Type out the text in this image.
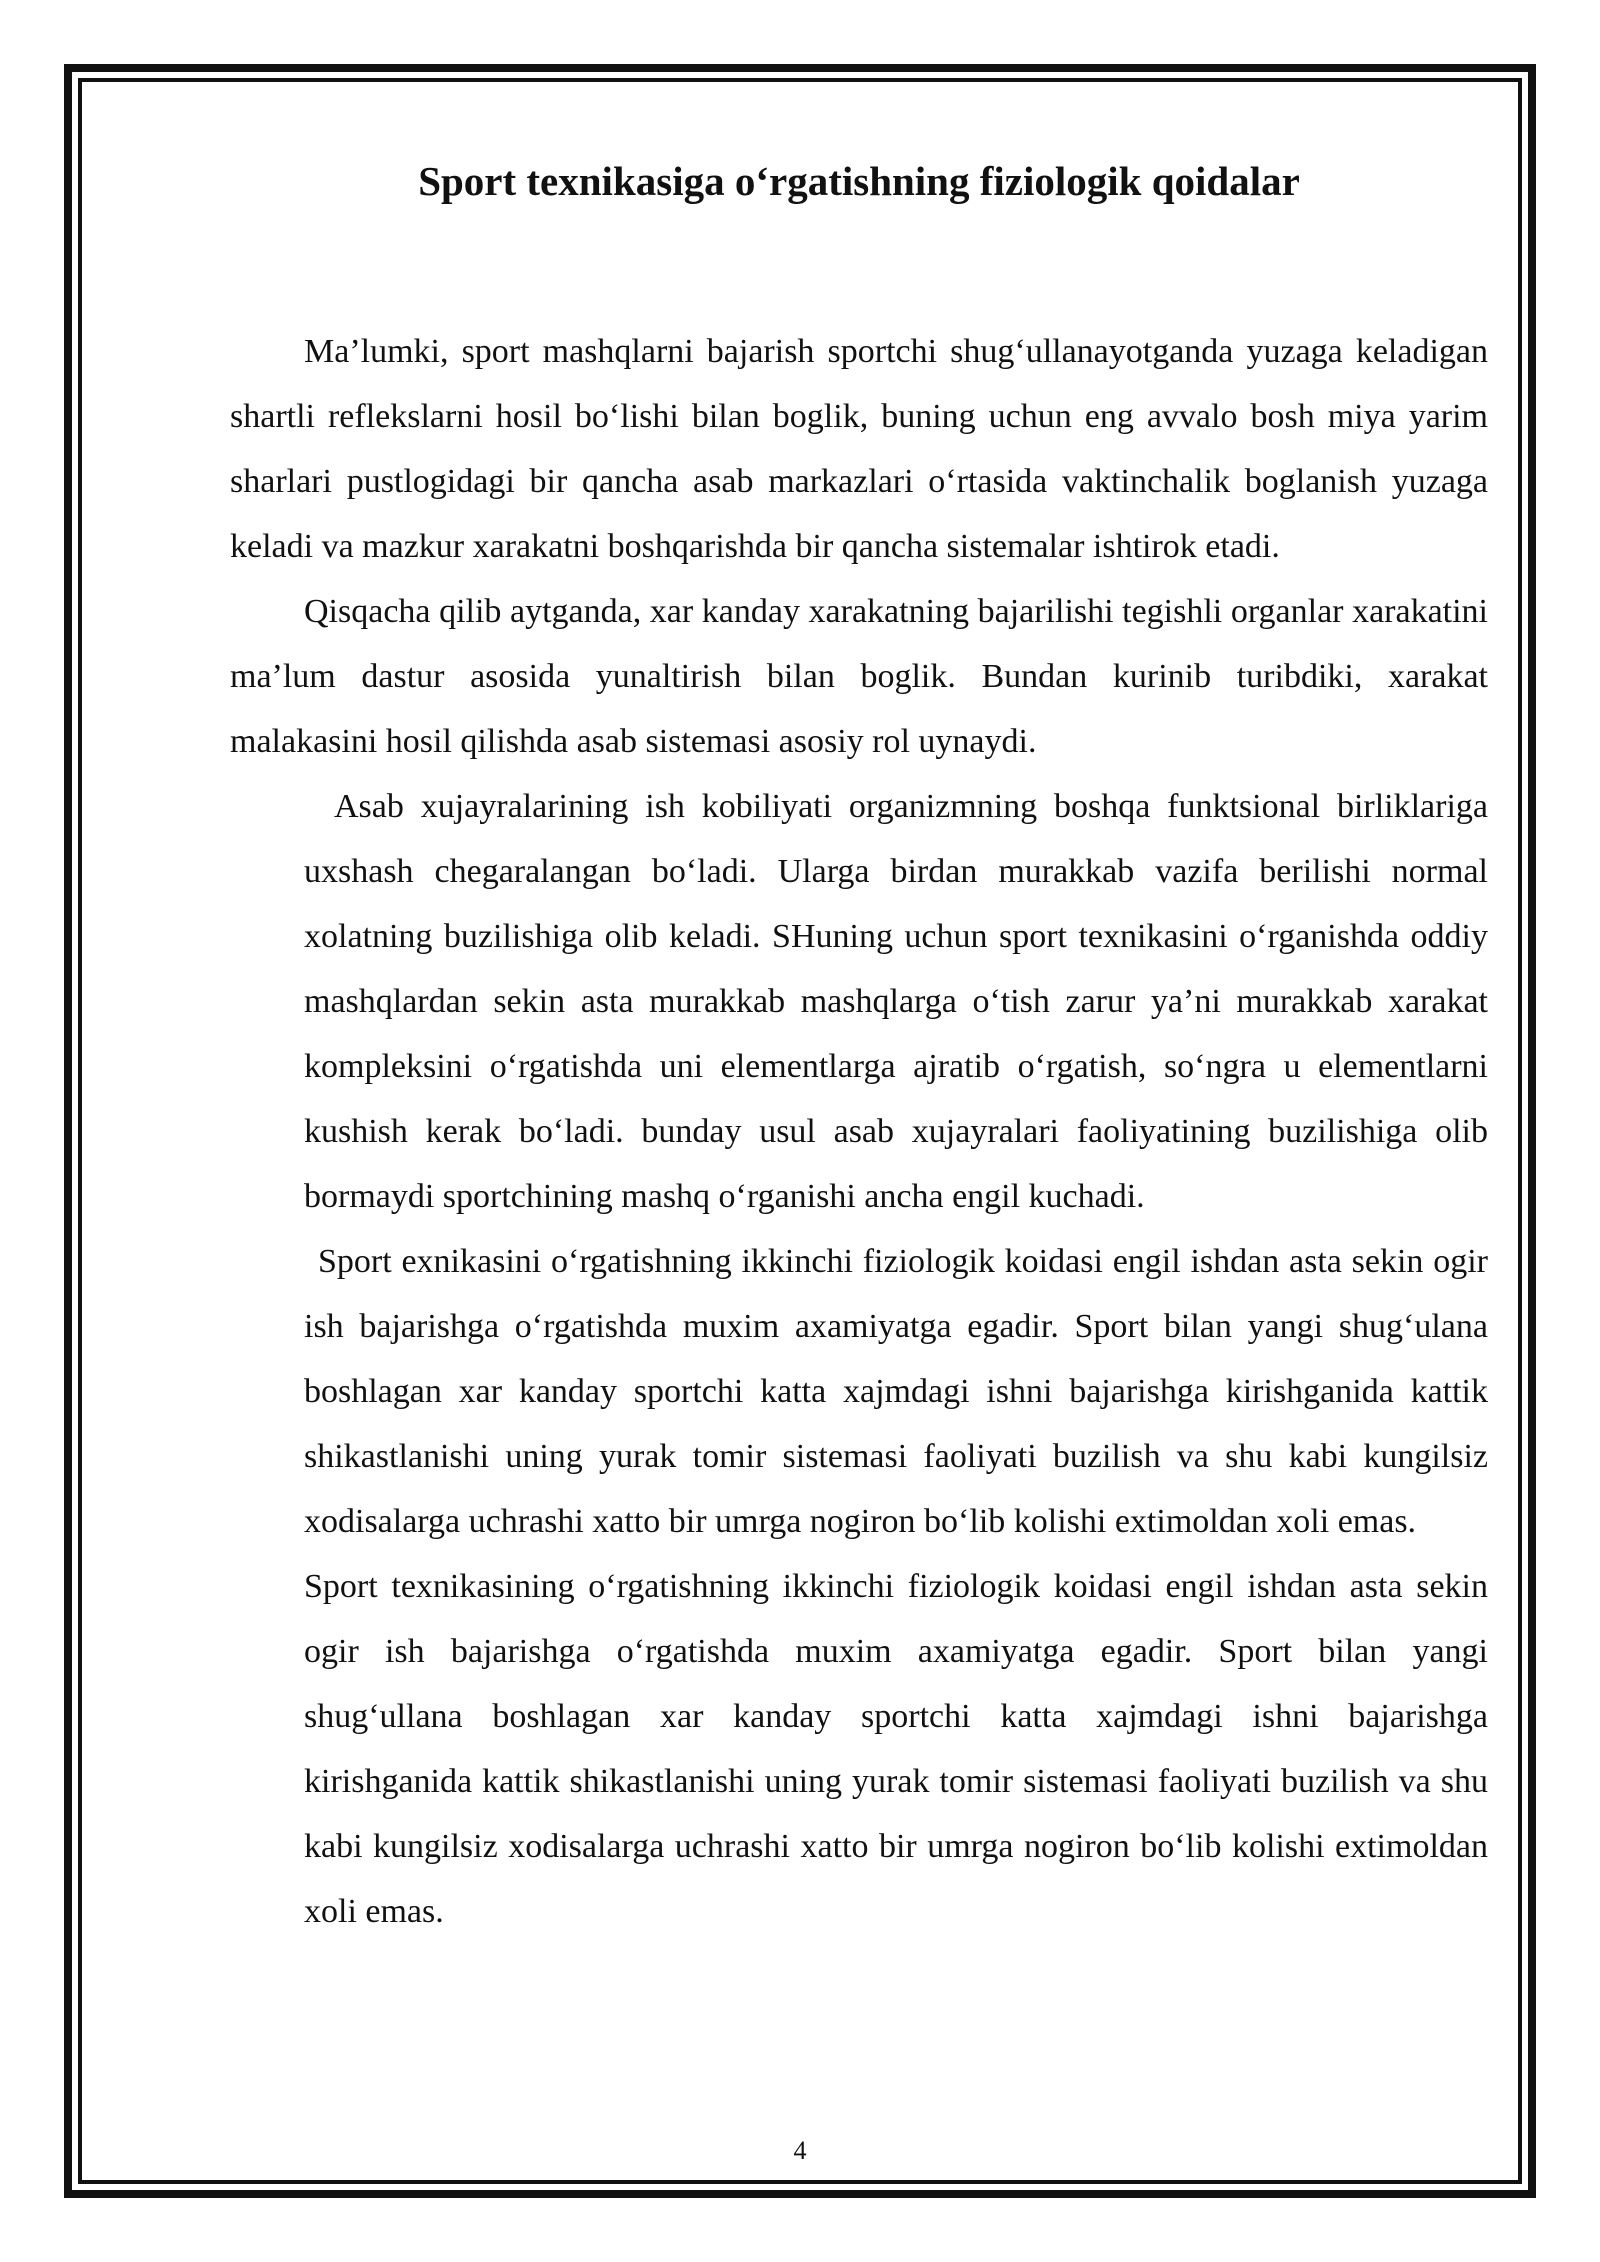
Sport texnikasiga o‘rgatishning fiziologik qoidalar

Ma’lumki, sport mashqlarni bajarish sportchi shug‘ullanayotganda yuzaga keladigan shartli reflekslarni hosil bo‘lishi bilan boglik, buning uchun eng avvalo bosh miya yarim sharlari pustlogidagi bir qancha asab markazlari o‘rtasida vaktinchalik boglanish yuzaga keladi va mazkur xarakatni boshqarishda bir qancha sistemalar ishtirok etadi.

Qisqacha qilib aytganda, xar kanday xarakatning bajarilishi tegishli organlar xarakatini ma’lum dastur asosida yunaltirish bilan boglik. Bundan kurinib turibdiki, xarakat malakasini hosil qilishda asab sistemasi asosiy rol uynaydi.

Asab xujayralarining ish kobiliyati organizmning boshqa funktsional birliklariga uxshash chegaralangan bo‘ladi. Ularga birdan murakkab vazifa berilishi normal xolatning buzilishiga olib keladi. SHuning uchun sport texnikasini o‘rganishda oddiy mashqlardan sekin asta murakkab mashqlarga o‘tish zarur ya’ni murakkab xarakat kompleksini o‘rgatishda uni elementlarga ajratib o‘rgatish, so‘ngra u elementlarni kushish kerak bo‘ladi. bunday usul asab xujayralari faoliyatining buzilishiga olib bormaydi sportchining mashq o‘rganishi ancha engil kuchadi.

Sport exnikasini o‘rgatishning ikkinchi fiziologik koidasi engil ishdan asta sekin ogir ish bajarishga o‘rgatishda muxim axamiyatga egadir. Sport bilan yangi shug‘ulana boshlagan xar kanday sportchi katta xajmdagi ishni bajarishga kirishganida kattik shikastlanishi uning yurak tomir sistemasi faoliyati buzilish va shu kabi kungilsiz xodisalarga uchrashi xatto bir umrga nogiron bo‘lib kolishi extimoldan xoli emas.

Sport texnikasining o‘rgatishning ikkinchi fiziologik koidasi engil ishdan asta sekin ogir ish bajarishga o‘rgatishda muxim axamiyatga egadir. Sport bilan yangi shug‘ullana boshlagan xar kanday sportchi katta xajmdagi ishni bajarishga kirishganida kattik shikastlanishi uning yurak tomir sistemasi faoliyati buzilish va shu kabi kungilsiz xodisalarga uchrashi xatto bir umrga nogiron bo‘lib kolishi extimoldan xoli emas.

4
